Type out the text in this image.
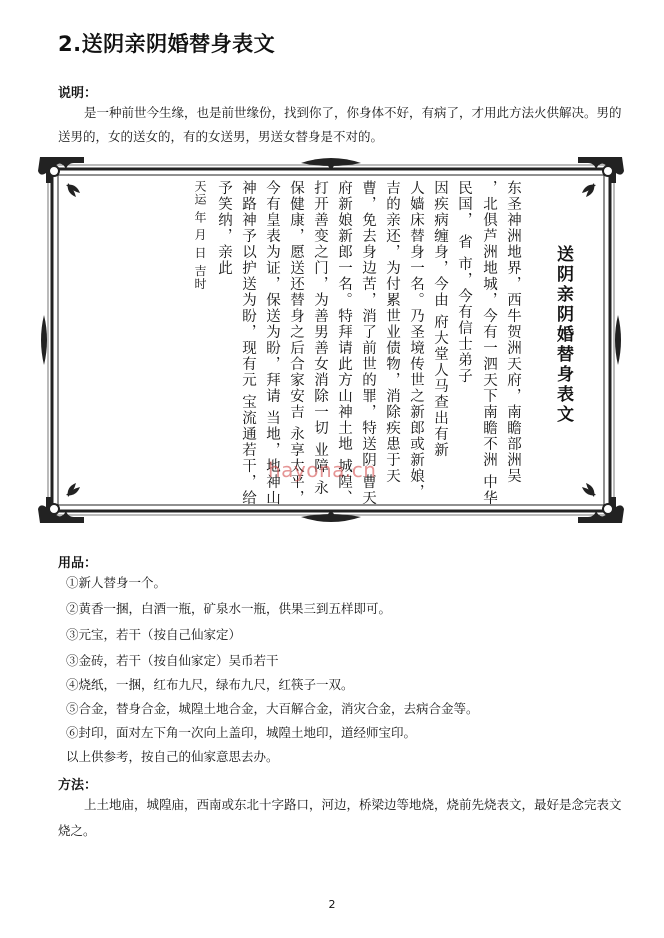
2.送阴亲阴婚替身表文
说明：
是一种前世今生缘，也是前世缘份，找到你了，你身体不好，有病了，才用此方法火供解决。男的送男的，女的送女的，有的女送男，男送女替身是不对的。
送阴亲阴婚替身表文
东圣神洲地界，西牛贺洲天府，南瞻部洲吴
，北俱芦洲地城，今有一泗天下南瞻不洲 中华
民国， 省 市，今有信士弟子
因疾病缠身，今由 府大堂人马查出有新
人嫱床替身一名。乃圣境传世之新郎或新娘，
吉的亲还，为付累世业债物，消除疾患于天
曹，免去身边苦，消了前世的罪，特送阴 曹天
府新娘新郎一名。特拜请此方山神土地 城隍、
打开善变之门，为善男善女消除一切 业障 永
保健康，愿送还替身之后合家安吉 永享太平，
今有皇表为证，保送为盼，拜请 当地，地神山
神路神予以护送为盼，现有元 宝流通若干，给
予笑纳，亲此
天运 年 月 日 吉时
hayona.cn
用品：
①新人替身一个。
②黄香一捆，白酒一瓶，矿泉水一瓶，供果三到五样即可。
③元宝，若干（按自己仙家定）
③金砖，若干（按自仙家定）吴币若干
④烧纸，一捆，红布九尺，绿布九尺，红筷子一双。
⑤合金，替身合金，城隍土地合金，大百解合金，消灾合金，去病合金等。
⑥封印，面对左下角一次向上盖印，城隍土地印，道经师宝印。
以上供参考，按自己的仙家意思去办。
方法：
上土地庙，城隍庙，西南或东北十字路口，河边，桥梁边等地烧，烧前先烧表文，最好是念完表文烧之。
2
